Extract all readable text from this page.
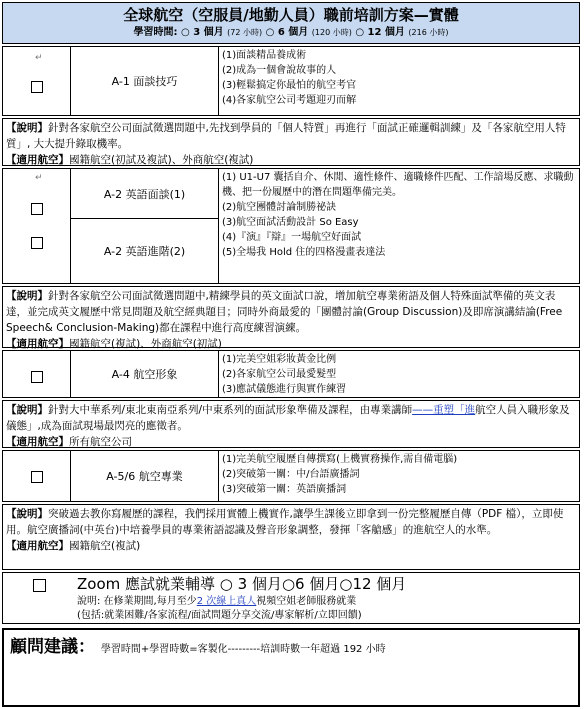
全球航空（空服員/地勤人員）職前培訓方案—實體
學習時間: ○ 3 個月 (72 小時) ○ 6 個月 (120 小時) ○ 12 個月 (216 小時)
↵
A-1 面談技巧
(1)面談精品養成術
(2)成為一個會說故事的人
(3)輕鬆搞定你最怕的航空考官
(4)各家航空公司考題迎刃而解
【說明】針對各家航空公司面試徵選問題中,先找到學員的「個人特質」再進行「面試正確邏輯訓練」及「各家航空用人特質」, 大大提升錄取機率。
【適用航空】國籍航空(初試及複試)、外商航空(複試)
↵
A-2 英語面談(1)
A-2 英語進階(2)
(1) U1-U7 囊括自介、休閒、適性條件、適職條件匹配、工作諳場反應、求職動機、把一份履歷中的潛在問題準備完美。
(2)航空團體討論制勝祕訣
(3)航空面試活動設計 So Easy
(4)『演』『辯』一場航空好面試
(5)全場我 Hold 住的四格漫畫表達法
【說明】針對各家航空公司面試徵選問題中,精練學員的英文面試口說，增加航空專業術語及個人特殊面試準備的英文表達，並完成英文履歷中常見問題及航空經典題目；同時外商最愛的「團體討論(Group Discussion)及即席演講結論(Free Speech& Conclusion-Making)都在課程中進行高度練習演練。
【適用航空】國籍航空(複試)、外商航空(初試)
A-4 航空形象
(1)完美空姐彩妝黃金比例
(2)各家航空公司最愛髮型
(3)應試儀態進行與實作練習
【說明】針對大中華系列/東北東南亞系列/中東系列的面試形象準備及課程，由專業講師——重塑「進航空人員入職形象及儀態」,成為面試現場最閃亮的應徵者。
【適用航空】所有航空公司
A-5/6 航空專業
(1)完美航空履歷自傳撰寫(上機實務操作,需自備電腦)
(2)突破第一關：中/台語廣播詞
(3)突破第一關：英語廣播詞
【說明】突破過去教你寫履歷的課程，我們採用實體上機實作,讓學生課後立即拿到一份完整履歷自傳（PDF 檔），立即使用。航空廣播詞(中英台)中培養學員的專業術語認識及聲音形象調整，發揮「客艙感」的進航空人的水準。
【適用航空】國籍航空(複試)
Zoom 應試就業輔導 ○ 3 個月○6 個月○12 個月
說明: 在修業期間,每月至少2 次線上真人視頻空姐老師服務就業
(包括:就業困難/各家流程/面試問題分享交流/專家解析/立即回饋)
顧問建議： 學習時間+學習時數=客製化---------培訓時數一年超過 192 小時
